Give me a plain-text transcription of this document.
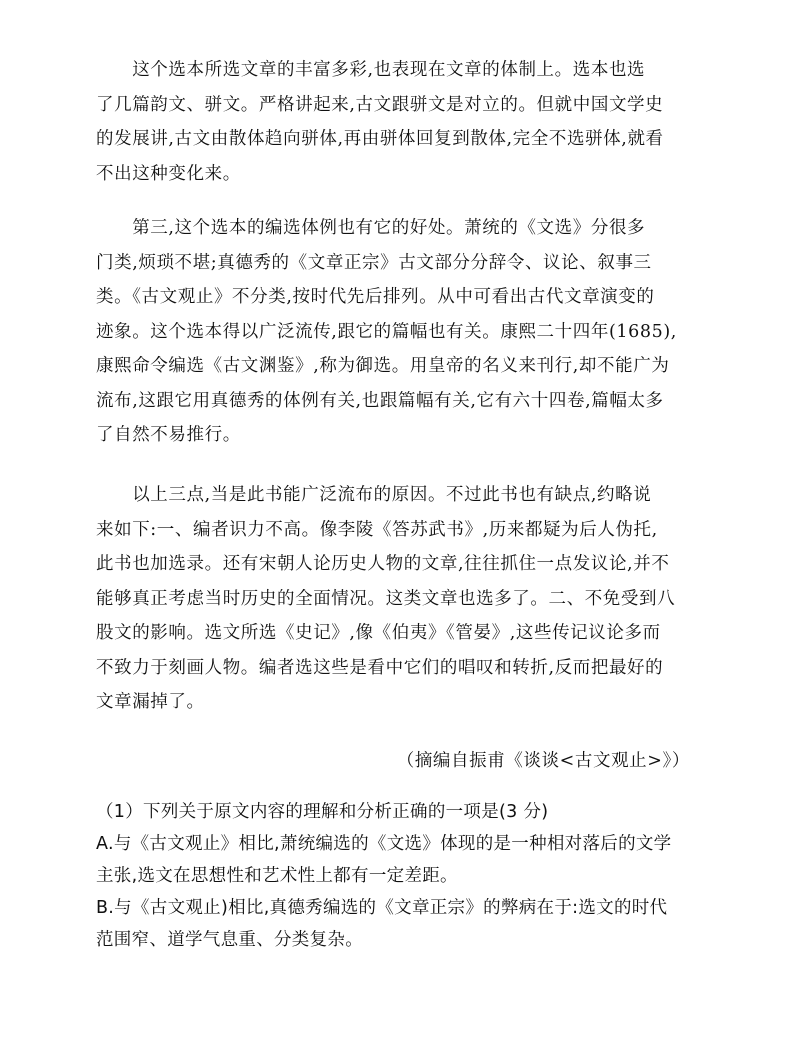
　　这个选本所选文章的丰富多彩,也表现在文章的体制上。选本也选
了几篇韵文、骈文。严格讲起来,古文跟骈文是对立的。但就中国文学史
的发展讲,古文由散体趋向骈体,再由骈体回复到散体,完全不选骈体,就看
不出这种变化来。
　　第三,这个选本的编选体例也有它的好处。萧统的《文选》分很多
门类,烦琐不堪;真德秀的《文章正宗》古文部分分辞令、议论、叙事三
类。《古文观止》不分类,按时代先后排列。从中可看出古代文章演变的
迹象。这个选本得以广泛流传,跟它的篇幅也有关。康熙二十四年(1685),
康熙命令编选《古文渊鉴》,称为御选。用皇帝的名义来刊行,却不能广为
流布,这跟它用真德秀的体例有关,也跟篇幅有关,它有六十四卷,篇幅太多
了自然不易推行。
　　以上三点,当是此书能广泛流布的原因。不过此书也有缺点,约略说
来如下:一、编者识力不高。像李陵《答苏武书》,历来都疑为后人伪托,
此书也加选录。还有宋朝人论历史人物的文章,往往抓住一点发议论,并不
能够真正考虑当时历史的全面情况。这类文章也选多了。二、不免受到八
股文的影响。选文所选《史记》,像《伯夷》《管晏》,这些传记议论多而
不致力于刻画人物。编者选这些是看中它们的唱叹和转折,反而把最好的
文章漏掉了。
（摘编自振甫《谈谈<古文观止>》）
（1）下列关于原文内容的理解和分析正确的一项是(3 分)
A.与《古文观止》相比,萧统编选的《文选》体现的是一种相对落后的文学
主张,选文在思想性和艺术性上都有一定差距。
B.与《古文观止)相比,真德秀编选的《文章正宗》的弊病在于:选文的时代
范围窄、道学气息重、分类复杂。
